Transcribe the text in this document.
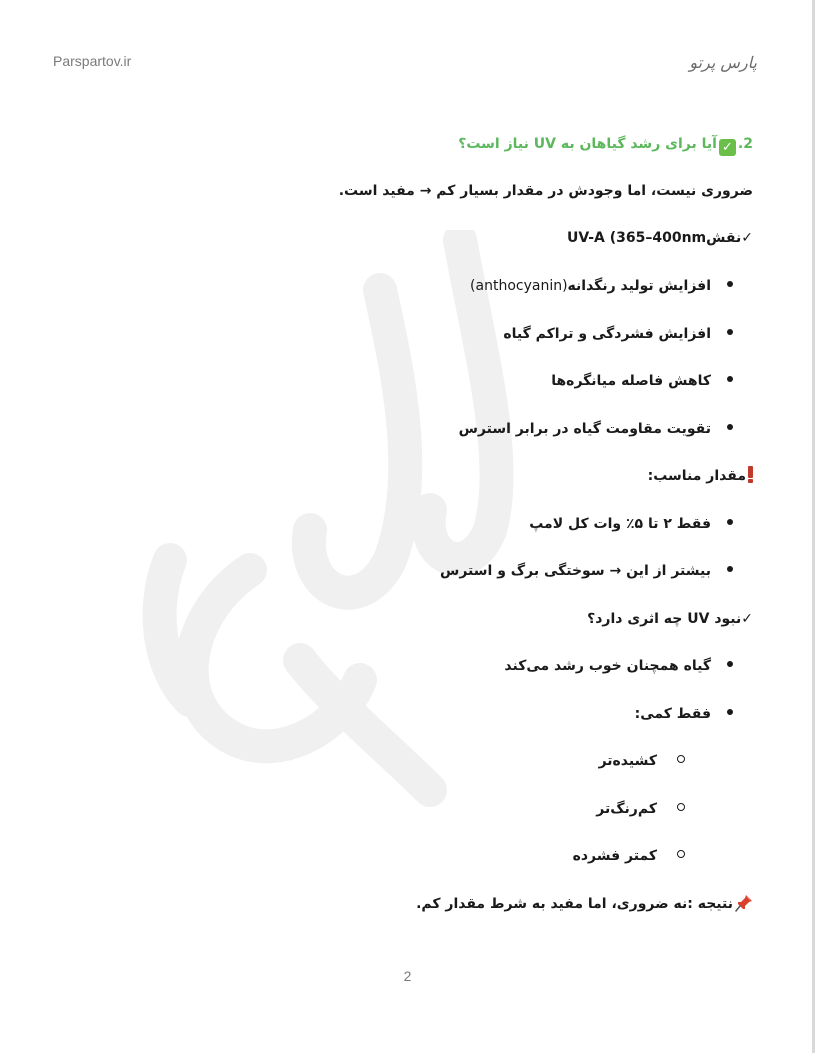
Parspartov.ir	پارس پرتو
2.✓آیا برای رشد گیاهان به UV نیاز است؟
ضروری نیست، اما وجودش در مقدار بسیار کم → مفید است.
✓نقشUV-A (365–400nm
افزایش تولید رنگدانه(anthocyanin)
افزایش فشردگی و تراکم گیاه
کاهش فاصله میانگره‌ها
تقویت مقاومت گیاه در برابر استرس
مقدار مناسب:
فقط ۲ تا ۵٪ وات کل لامپ
بیشتر از این → سوختگی برگ و استرس
✓نبود UV چه اثری دارد؟
گیاه همچنان خوب رشد می‌کند
فقط کمی:
کشیده‌تر
کم‌رنگ‌تر
کمتر فشرده
نتیجه :نه ضروری، اما مفید به شرط مقدار کم.
2
